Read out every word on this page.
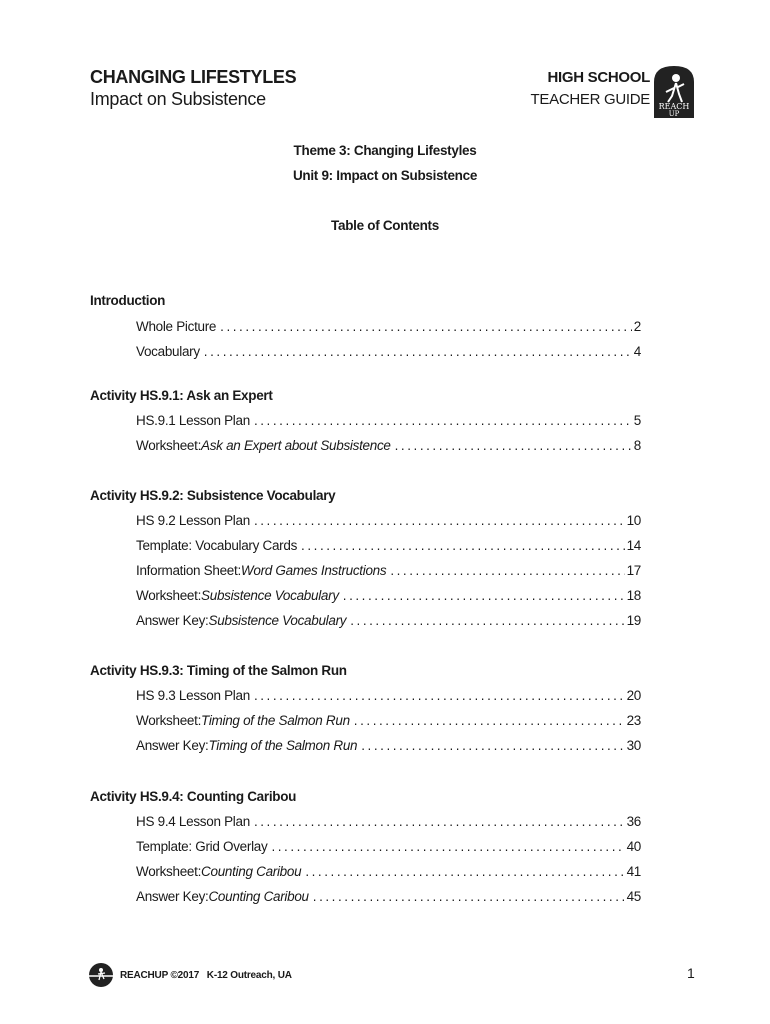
CHANGING LIFESTYLES
Impact on Subsistence
HIGH SCHOOL
TEACHER GUIDE REACH
UP
Theme 3: Changing Lifestyles
Unit 9: Impact on Subsistence
Table of Contents
Introduction
Whole Picture . . .	2
Vocabulary . . .	4
Activity HS.9.1: Ask an Expert
HS.9.1 Lesson Plan . . .	5
Worksheet: Ask an Expert about Subsistence . . .	8
Activity HS.9.2: Subsistence Vocabulary
HS 9.2 Lesson Plan . . .	10
Template: Vocabulary Cards . . .	14
Information Sheet: Word Games Instructions . . .	17
Worksheet: Subsistence Vocabulary . . .	18
Answer Key: Subsistence Vocabulary . . .	19
Activity HS.9.3: Timing of the Salmon Run
HS 9.3 Lesson Plan . . .	20
Worksheet: Timing of the Salmon Run . . .	23
Answer Key: Timing of the Salmon Run . . .	30
Activity HS.9.4: Counting Caribou
HS 9.4 Lesson Plan . . .	36
Template: Grid Overlay . . .	40
Worksheet: Counting Caribou . . .	41
Answer Key: Counting Caribou . . .	45
REACHUP ©2017   K-12 Outreach, UA	1
